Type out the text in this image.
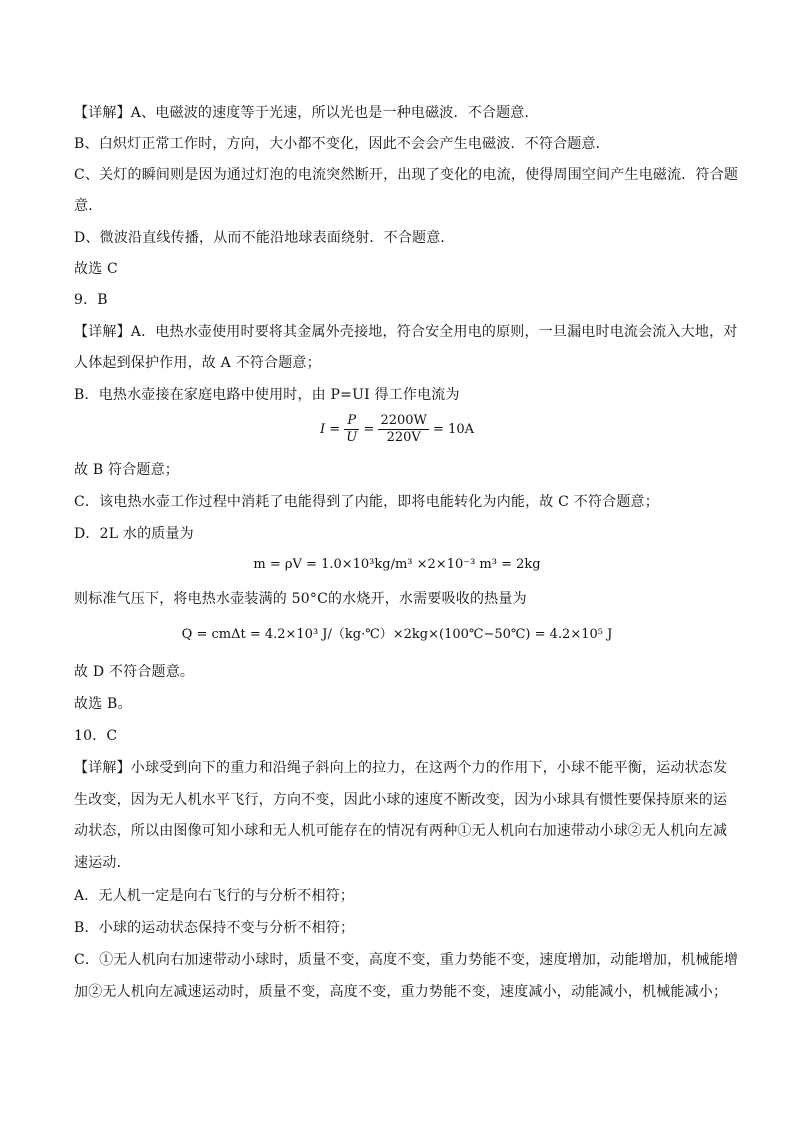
【详解】A、电磁波的速度等于光速，所以光也是一种电磁波．不合题意．
B、白炽灯正常工作时，方向，大小都不变化，因此不会会产生电磁波．不符合题意．
C、关灯的瞬间则是因为通过灯泡的电流突然断开，出现了变化的电流，使得周围空间产生电磁流．符合题
意．
D、微波沿直线传播，从而不能沿地球表面绕射．不合题意．
故选 C
9．B
【详解】A．电热水壶使用时要将其金属外壳接地，符合安全用电的原则，一旦漏电时电流会流入大地，对
人体起到保护作用，故 A 不符合题意；
B．电热水壶接在家庭电路中使用时，由 P=UI 得工作电流为
$I = \frac{P}{U} = \frac{2200W}{220V} = 10A$
故 B 符合题意；
C．该电热水壶工作过程中消耗了电能得到了内能，即将电能转化为内能，故 C 不符合题意；
D．2L 水的质量为
m = ρV = 1.0×10³kg/m³ ×2×10⁻³ m³ = 2kg
则标准气压下，将电热水壶装满的 50°C的水烧开，水需要吸收的热量为
Q = cmΔt = 4.2×10³ J/（kg·℃）×2kg×(100℃−50℃) = 4.2×10⁵ J
故 D 不符合题意。
故选 B。
10．C
【详解】小球受到向下的重力和沿绳子斜向上的拉力，在这两个力的作用下，小球不能平衡，运动状态发
生改变，因为无人机水平飞行，方向不变，因此小球的速度不断改变，因为小球具有惯性要保持原来的运
动状态，所以由图像可知小球和无人机可能存在的情况有两种①无人机向右加速带动小球②无人机向左减
速运动．
A．无人机一定是向右飞行的与分析不相符；
B．小球的运动状态保持不变与分析不相符；
C．①无人机向右加速带动小球时，质量不变，高度不变，重力势能不变，速度增加，动能增加，机械能增
加②无人机向左减速运动时，质量不变，高度不变，重力势能不变，速度减小，动能减小，机械能减小；
